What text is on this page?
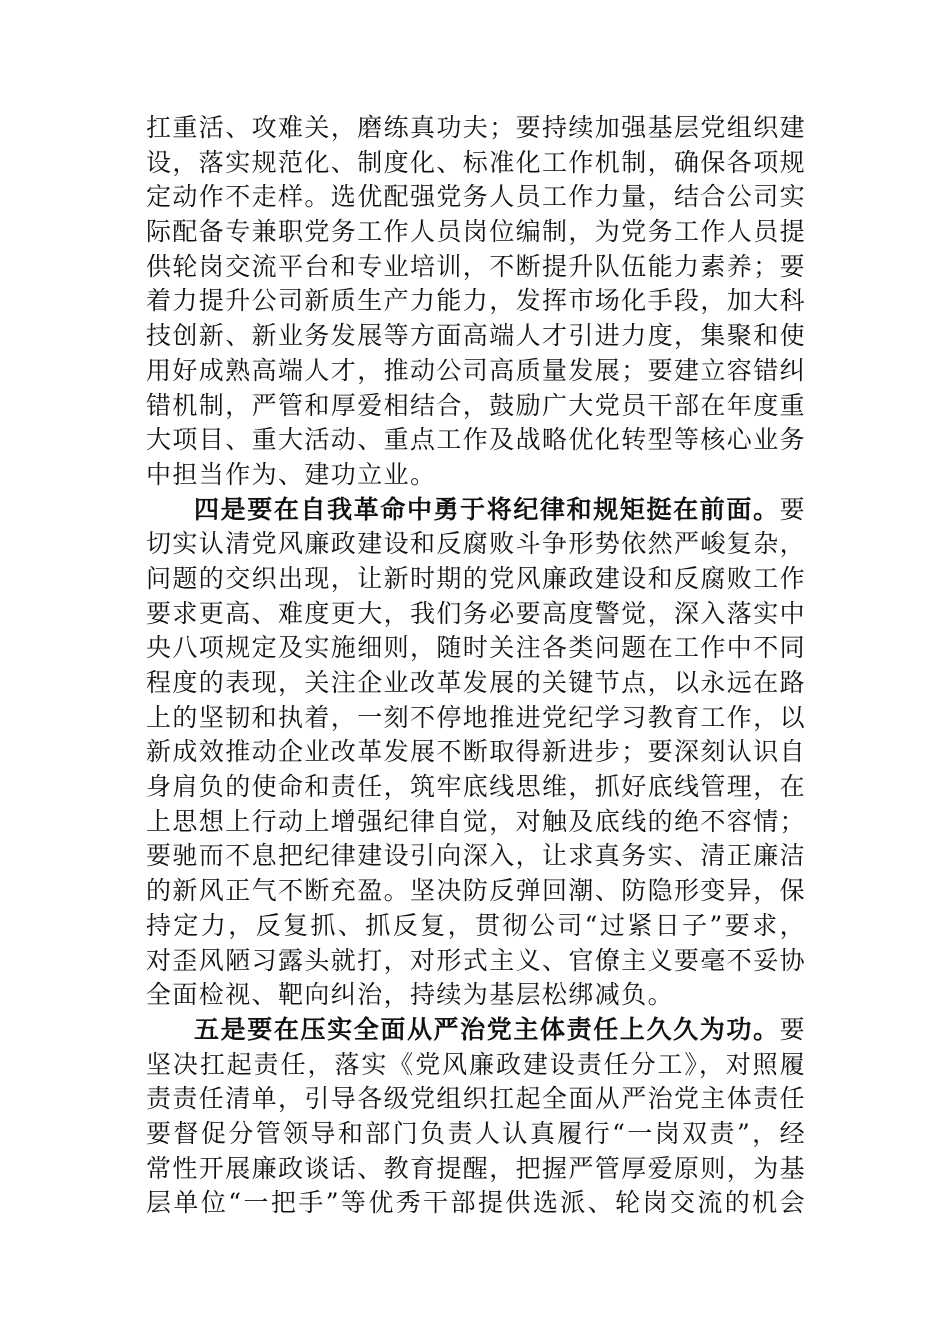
扛重活、攻难关，磨练真功夫；要持续加强基层党组织建
设，落实规范化、制度化、标准化工作机制，确保各项规
定动作不走样。选优配强党务人员工作力量，结合公司实
际配备专兼职党务工作人员岗位编制，为党务工作人员提
供轮岗交流平台和专业培训，不断提升队伍能力素养；要
着力提升公司新质生产力能力，发挥市场化手段，加大科
技创新、新业务发展等方面高端人才引进力度，集聚和使
用好成熟高端人才，推动公司高质量发展；要建立容错纠
错机制，严管和厚爱相结合，鼓励广大党员干部在年度重
大项目、重大活动、重点工作及战略优化转型等核心业务
中担当作为、建功立业。
四是要在自我革命中勇于将纪律和规矩挺在前面。要
切实认清党风廉政建设和反腐败斗争形势依然严峻复杂，
问题的交织出现，让新时期的党风廉政建设和反腐败工作
要求更高、难度更大，我们务必要高度警觉，深入落实中
央八项规定及实施细则，随时关注各类问题在工作中不同
程度的表现，关注企业改革发展的关键节点，以永远在路
上的坚韧和执着，一刻不停地推进党纪学习教育工作，以
新成效推动企业改革发展不断取得新进步；要深刻认识自
身肩负的使命和责任，筑牢底线思维，抓好底线管理，在
上思想上行动上增强纪律自觉，对触及底线的绝不容情；
要驰而不息把纪律建设引向深入，让求真务实、清正廉洁
的新风正气不断充盈。坚决防反弹回潮、防隐形变异，保
持定力，反复抓、抓反复，贯彻公司“过紧日子”要求，
对歪风陋习露头就打，对形式主义、官僚主义要毫不妥协
全面检视、靶向纠治，持续为基层松绑减负。
五是要在压实全面从严治党主体责任上久久为功。要
坚决扛起责任，落实《党风廉政建设责任分工》，对照履
责责任清单，引导各级党组织扛起全面从严治党主体责任
要督促分管领导和部门负责人认真履行“一岗双责”，经
常性开展廉政谈话、教育提醒，把握严管厚爱原则，为基
层单位“一把手”等优秀干部提供选派、轮岗交流的机会
